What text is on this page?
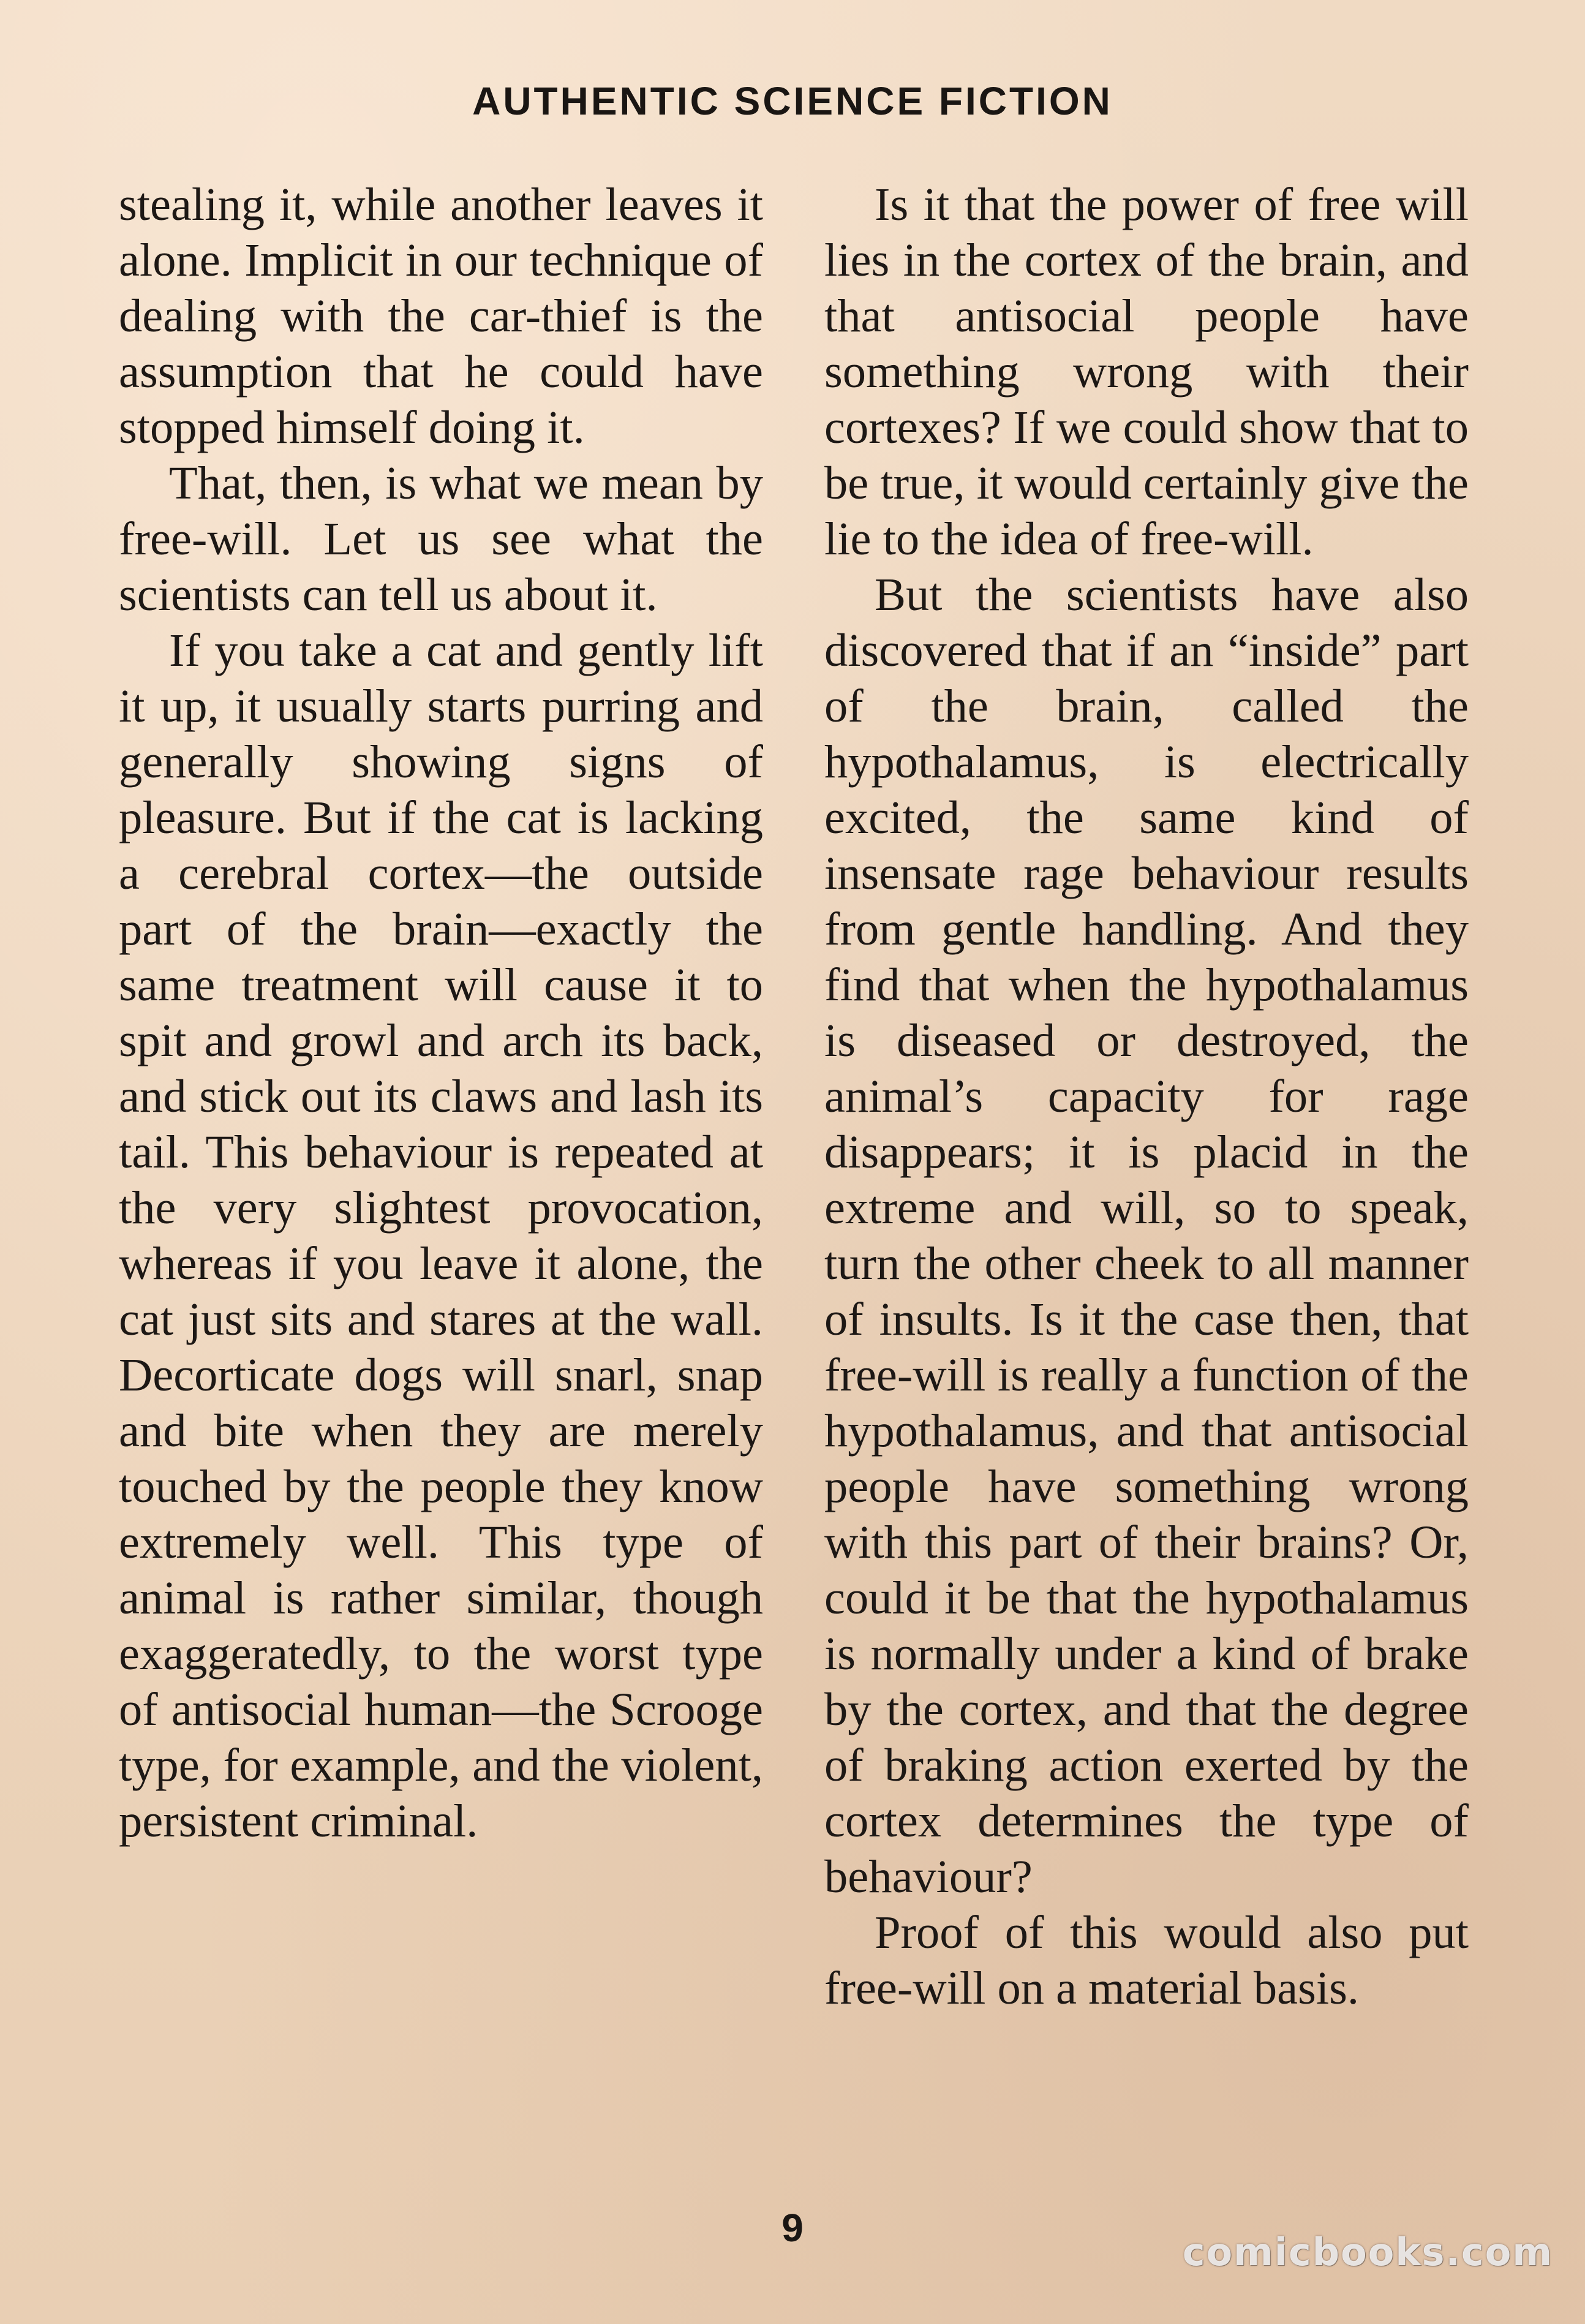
AUTHENTIC SCIENCE FICTION

stealing it, while another leaves it alone. Implicit in our technique of dealing with the car-thief is the assumption that he could have stopped himself doing it.

That, then, is what we mean by free-will. Let us see what the scientists can tell us about it.

If you take a cat and gently lift it up, it usually starts purring and generally showing signs of pleasure. But if the cat is lacking a cerebral cortex—the outside part of the brain—exactly the same treatment will cause it to spit and growl and arch its back, and stick out its claws and lash its tail. This behaviour is repeated at the very slightest provocation, whereas if you leave it alone, the cat just sits and stares at the wall. Decorticate dogs will snarl, snap and bite when they are merely touched by the people they know extremely well. This type of animal is rather similar, though exaggeratedly, to the worst type of antisocial human—the Scrooge type, for example, and the violent, persistent criminal.

Is it that the power of free will lies in the cortex of the brain, and that antisocial people have something wrong with their cortexes? If we could show that to be true, it would certainly give the lie to the idea of free-will.

But the scientists have also discovered that if an “inside” part of the brain, called the hypothalamus, is electrically excited, the same kind of insensate rage behaviour results from gentle handling. And they find that when the hypothalamus is diseased or destroyed, the animal’s capacity for rage disappears; it is placid in the extreme and will, so to speak, turn the other cheek to all manner of insults. Is it the case then, that free-will is really a function of the hypothalamus, and that antisocial people have something wrong with this part of their brains? Or, could it be that the hypothalamus is normally under a kind of brake by the cortex, and that the degree of braking action exerted by the cortex determines the type of behaviour?

Proof of this would also put free-will on a material basis.

9
comicbooks.com
